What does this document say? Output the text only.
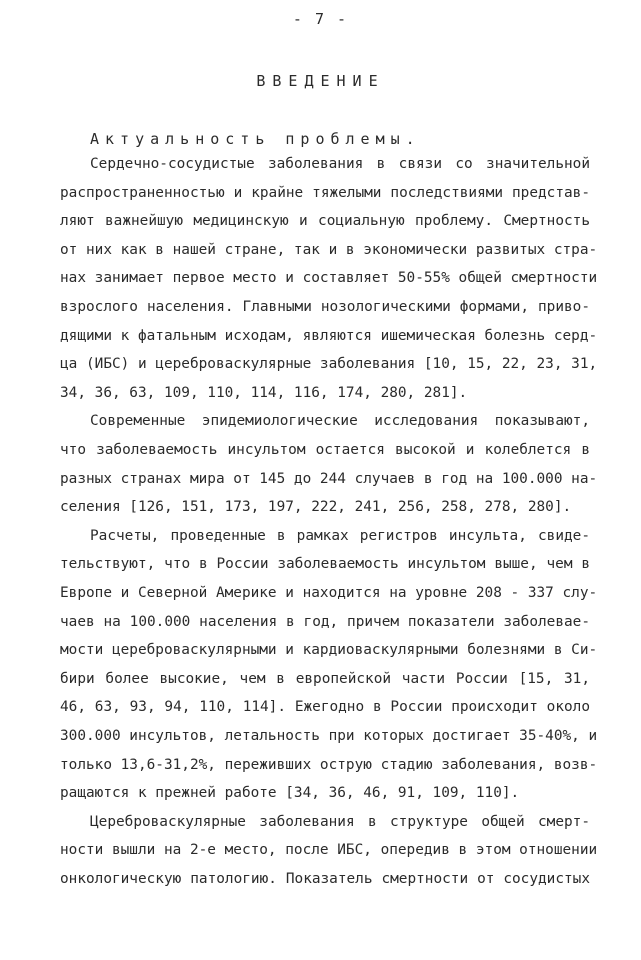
- 7 -
ВВЕДЕНИЕ
Актуальность проблемы.
Сердечно-сосудистые заболевания в связи со значительной
распространенностью и крайне тяжелыми последствиями представ-
ляют важнейшую медицинскую и социальную проблему. Смертность
от них как в нашей стране, так и в экономически развитых стра-
нах занимает первое место и составляет 50-55% общей смертности
взрослого населения. Главными нозологическими формами, приво-
дящими к фатальным исходам, являются ишемическая болезнь серд-
ца (ИБС) и цереброваскулярные заболевания [10, 15, 22, 23, 31,
34, 36, 63, 109, 110, 114, 116, 174, 280, 281].
Современные эпидемиологические исследования показывают,
что заболеваемость инсультом остается высокой и колеблется в
разных странах мира от 145 до 244 случаев в год на 100.000 на-
селения [126, 151, 173, 197, 222, 241, 256, 258, 278, 280].
Расчеты, проведенные в рамках регистров инсульта, свиде-
тельствуют, что в России заболеваемость инсультом выше, чем в
Европе и Северной Америке и находится на уровне 208 - 337 слу-
чаев на 100.000 населения в год, причем показатели заболевае-
мости цереброваскулярными и кардиоваскулярными болезнями в Си-
бири более высокие, чем в европейской части России [15, 31,
46, 63, 93, 94, 110, 114]. Ежегодно в России происходит около
300.000 инсультов, летальность при которых достигает 35-40%, и
только 13,6-31,2%, переживших острую стадию заболевания, возв-
ращаются к прежней работе [34, 36, 46, 91, 109, 110].
Цереброваскулярные заболевания в структуре общей смерт-
ности вышли на 2-е место, после ИБС, опередив в этом отношении
онкологическую патологию. Показатель смертности от сосудистых
